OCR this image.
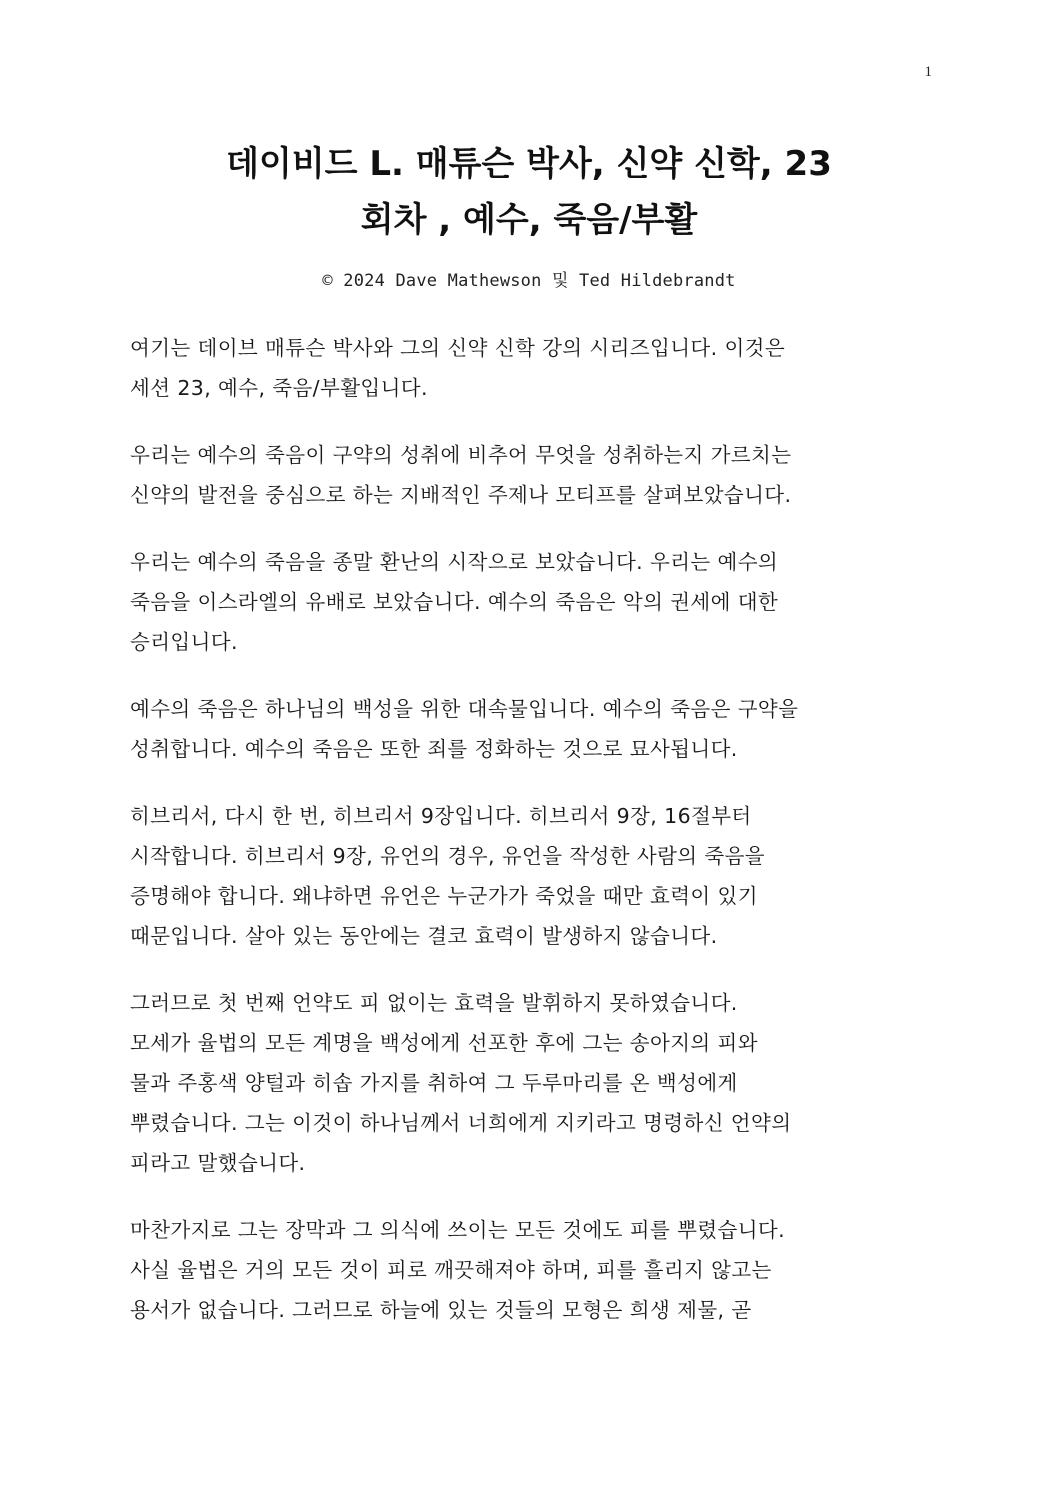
1
데이비드 L. 매튜슨 박사, 신약 신학, 23
회차 , 예수, 죽음/부활
© 2024 Dave Mathewson 및 Ted Hildebrandt

여기는 데이브 매튜슨 박사와 그의 신약 신학 강의 시리즈입니다. 이것은
세션 23, 예수, 죽음/부활입니다.

우리는 예수의 죽음이 구약의 성취에 비추어 무엇을 성취하는지 가르치는
신약의 발전을 중심으로 하는 지배적인 주제나 모티프를 살펴보았습니다.

우리는 예수의 죽음을 종말 환난의 시작으로 보았습니다. 우리는 예수의
죽음을 이스라엘의 유배로 보았습니다. 예수의 죽음은 악의 권세에 대한
승리입니다.

예수의 죽음은 하나님의 백성을 위한 대속물입니다. 예수의 죽음은 구약을
성취합니다. 예수의 죽음은 또한 죄를 정화하는 것으로 묘사됩니다.

히브리서, 다시 한 번, 히브리서 9장입니다. 히브리서 9장, 16절부터
시작합니다. 히브리서 9장, 유언의 경우, 유언을 작성한 사람의 죽음을
증명해야 합니다. 왜냐하면 유언은 누군가가 죽었을 때만 효력이 있기
때문입니다. 살아 있는 동안에는 결코 효력이 발생하지 않습니다.

그러므로 첫 번째 언약도 피 없이는 효력을 발휘하지 못하였습니다.
모세가 율법의 모든 계명을 백성에게 선포한 후에 그는 송아지의 피와
물과 주홍색 양털과 히솝 가지를 취하여 그 두루마리를 온 백성에게
뿌렸습니다. 그는 이것이 하나님께서 너희에게 지키라고 명령하신 언약의
피라고 말했습니다.

마찬가지로 그는 장막과 그 의식에 쓰이는 모든 것에도 피를 뿌렸습니다.
사실 율법은 거의 모든 것이 피로 깨끗해져야 하며, 피를 흘리지 않고는
용서가 없습니다. 그러므로 하늘에 있는 것들의 모형은 희생 제물, 곧
